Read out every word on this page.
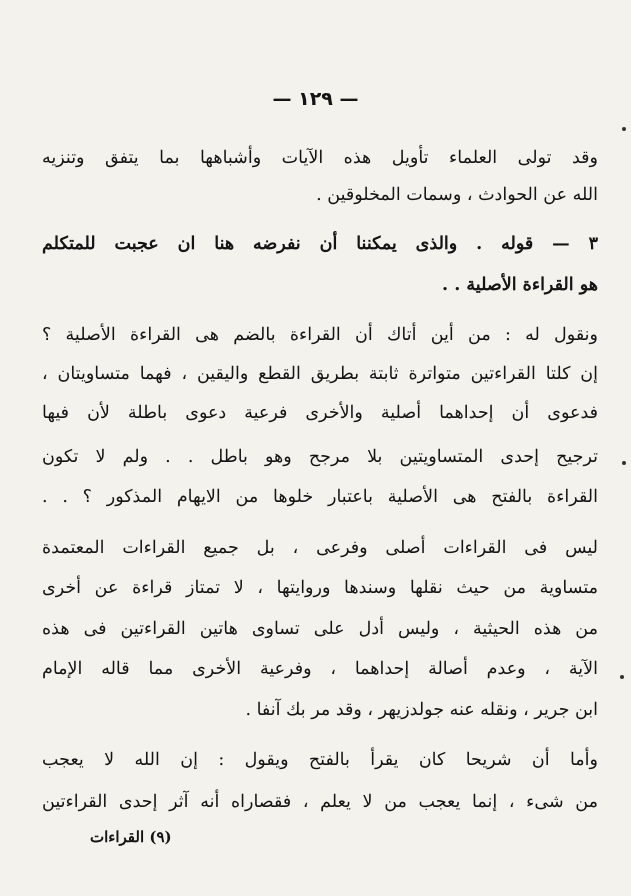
— ١٢٩ —
وقد تولى العلماء تأويل هذه الآيات وأشباهها بما يتفق وتنزيه
الله عن الحوادث ، وسمات المخلوقين .
٣ — قوله . والذى يمكننا أن نفرضه هنا ان عجبت للمتكلم
هو القراءة الأصلية . .
ونقول له : من أين أتاك أن القراءة بالضم هى القراءة الأصلية ؟
إن كلتا القراءتين متواترة ثابتة بطريق القطع واليقين ، فهما متساويتان ،
فدعوى أن إحداهما أصلية والأخرى فرعية دعوى باطلة لأن فيها
ترجيح إحدى المتساويتين بلا مرجح وهو باطل . . ولم لا تكون
القراءة بالفتح هى الأصلية باعتبار خلوها من الايهام المذكور ؟ . .
ليس فى القراءات أصلى وفرعى ، بل جميع القراءات المعتمدة
متساوية من حيث نقلها وسندها وروايتها ، لا تمتاز قراءة عن أخرى
من هذه الحيثية ، وليس أدل على تساوى هاتين القراءتين فى هذه
الآية ، وعدم أصالة إحداهما ، وفرعية الأخرى مما قاله الإمام
ابن جرير ، ونقله عنه جولدزيهر ، وقد مر بك آنفا .
وأما أن شريحا كان يقرأ بالفتح ويقول : إن الله لا يعجب
من شىء ، إنما يعجب من لا يعلم ، فقصاراه أنه آثر إحدى القراءتين
(٩) القراءات
